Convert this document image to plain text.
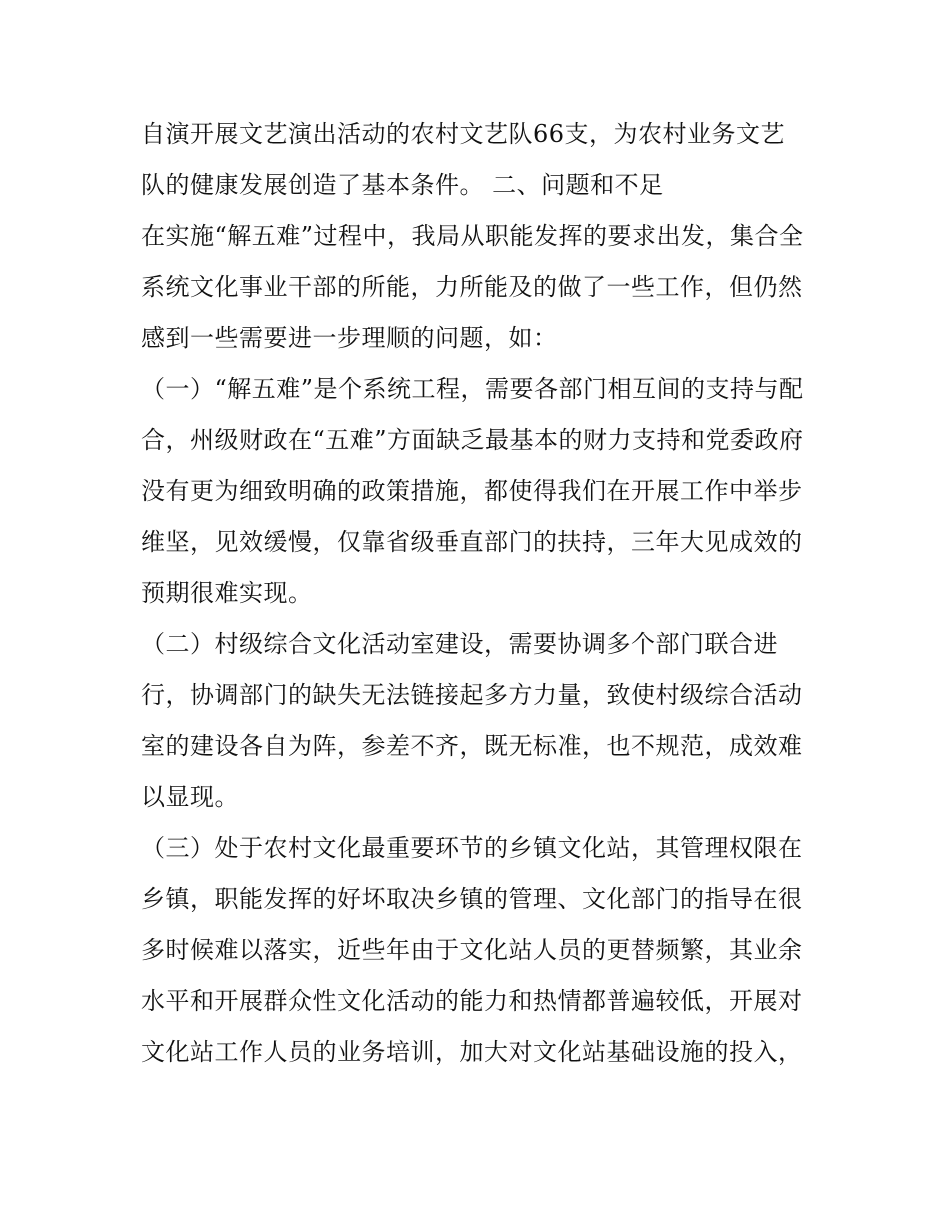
自演开展文艺演出活动的农村文艺队66支，为农村业务文艺
队的健康发展创造了基本条件。 二、问题和不足
在实施“解五难”过程中，我局从职能发挥的要求出发，集合全
系统文化事业干部的所能，力所能及的做了一些工作，但仍然
感到一些需要进一步理顺的问题，如：
（一）“解五难”是个系统工程，需要各部门相互间的支持与配
合，州级财政在“五难”方面缺乏最基本的财力支持和党委政府
没有更为细致明确的政策措施，都使得我们在开展工作中举步
维坚，见效缓慢，仅靠省级垂直部门的扶持，三年大见成效的
预期很难实现。
（二）村级综合文化活动室建设，需要协调多个部门联合进
行，协调部门的缺失无法链接起多方力量，致使村级综合活动
室的建设各自为阵，参差不齐，既无标准，也不规范，成效难
以显现。
（三）处于农村文化最重要环节的乡镇文化站，其管理权限在
乡镇，职能发挥的好坏取决乡镇的管理、文化部门的指导在很
多时候难以落实，近些年由于文化站人员的更替频繁，其业余
水平和开展群众性文化活动的能力和热情都普遍较低，开展对
文化站工作人员的业务培训，加大对文化站基础设施的投入，
